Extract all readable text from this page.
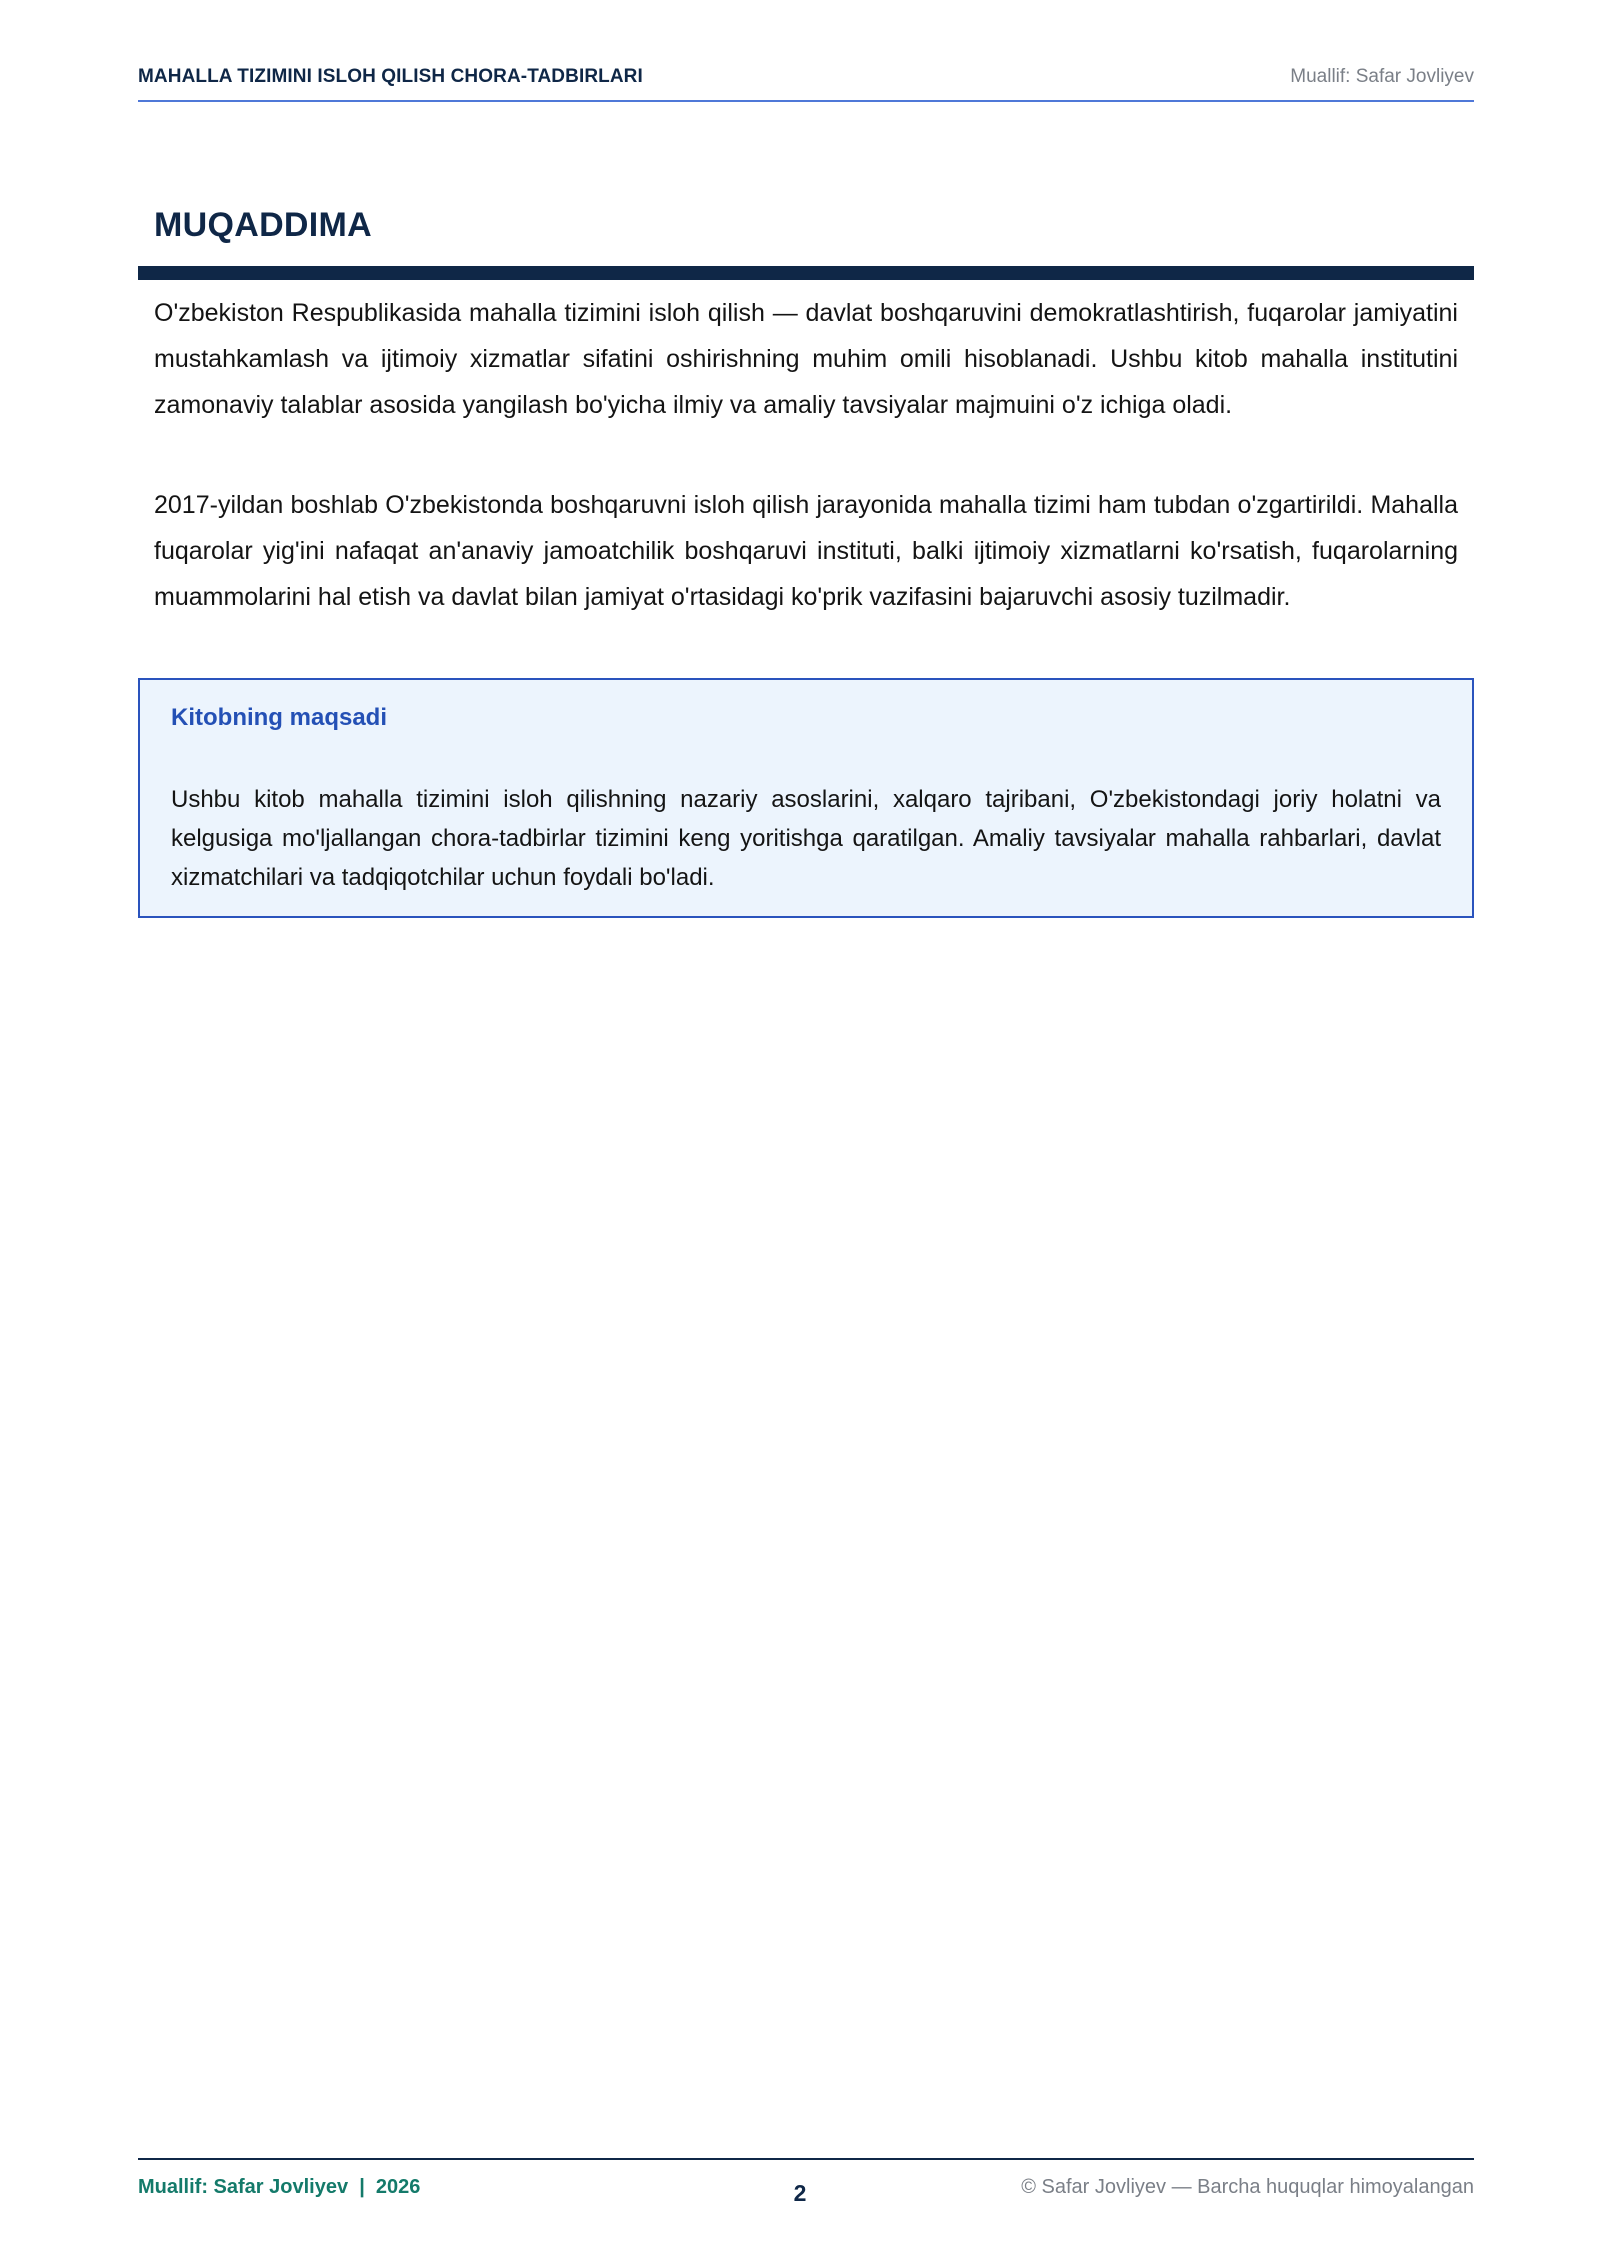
MAHALLA TIZIMINI ISLOH QILISH CHORA-TADBIRLARI	Muallif: Safar Jovliyev
MUQADDIMA

O'zbekiston Respublikasida mahalla tizimini isloh qilish — davlat boshqaruvini demokratlashtirish, fuqarolar jamiyatini mustahkamlash va ijtimoiy xizmatlar sifatini oshirishning muhim omili hisoblanadi. Ushbu kitob mahalla institutini zamonaviy talablar asosida yangilash bo'yicha ilmiy va amaliy tavsiyalar majmuini o'z ichiga oladi.

2017-yildan boshlab O'zbekistonda boshqaruvni isloh qilish jarayonida mahalla tizimi ham tubdan o'zgartirildi. Mahalla fuqarolar yig'ini nafaqat an'anaviy jamoatchilik boshqaruvi instituti, balki ijtimoiy xizmatlarni ko'rsatish, fuqarolarning muammolarini hal etish va davlat bilan jamiyat o'rtasidagi ko'prik vazifasini bajaruvchi asosiy tuzilmadir.

Kitobning maqsadi

Ushbu kitob mahalla tizimini isloh qilishning nazariy asoslarini, xalqaro tajribani, O'zbekistondagi joriy holatni va kelgusiga mo'ljallangan chora-tadbirlar tizimini keng yoritishga qaratilgan. Amaliy tavsiyalar mahalla rahbarlari, davlat xizmatchilari va tadqiqotchilar uchun foydali bo'ladi.

Muallif: Safar Jovliyev  |  2026	2	© Safar Jovliyev — Barcha huquqlar himoyalangan
